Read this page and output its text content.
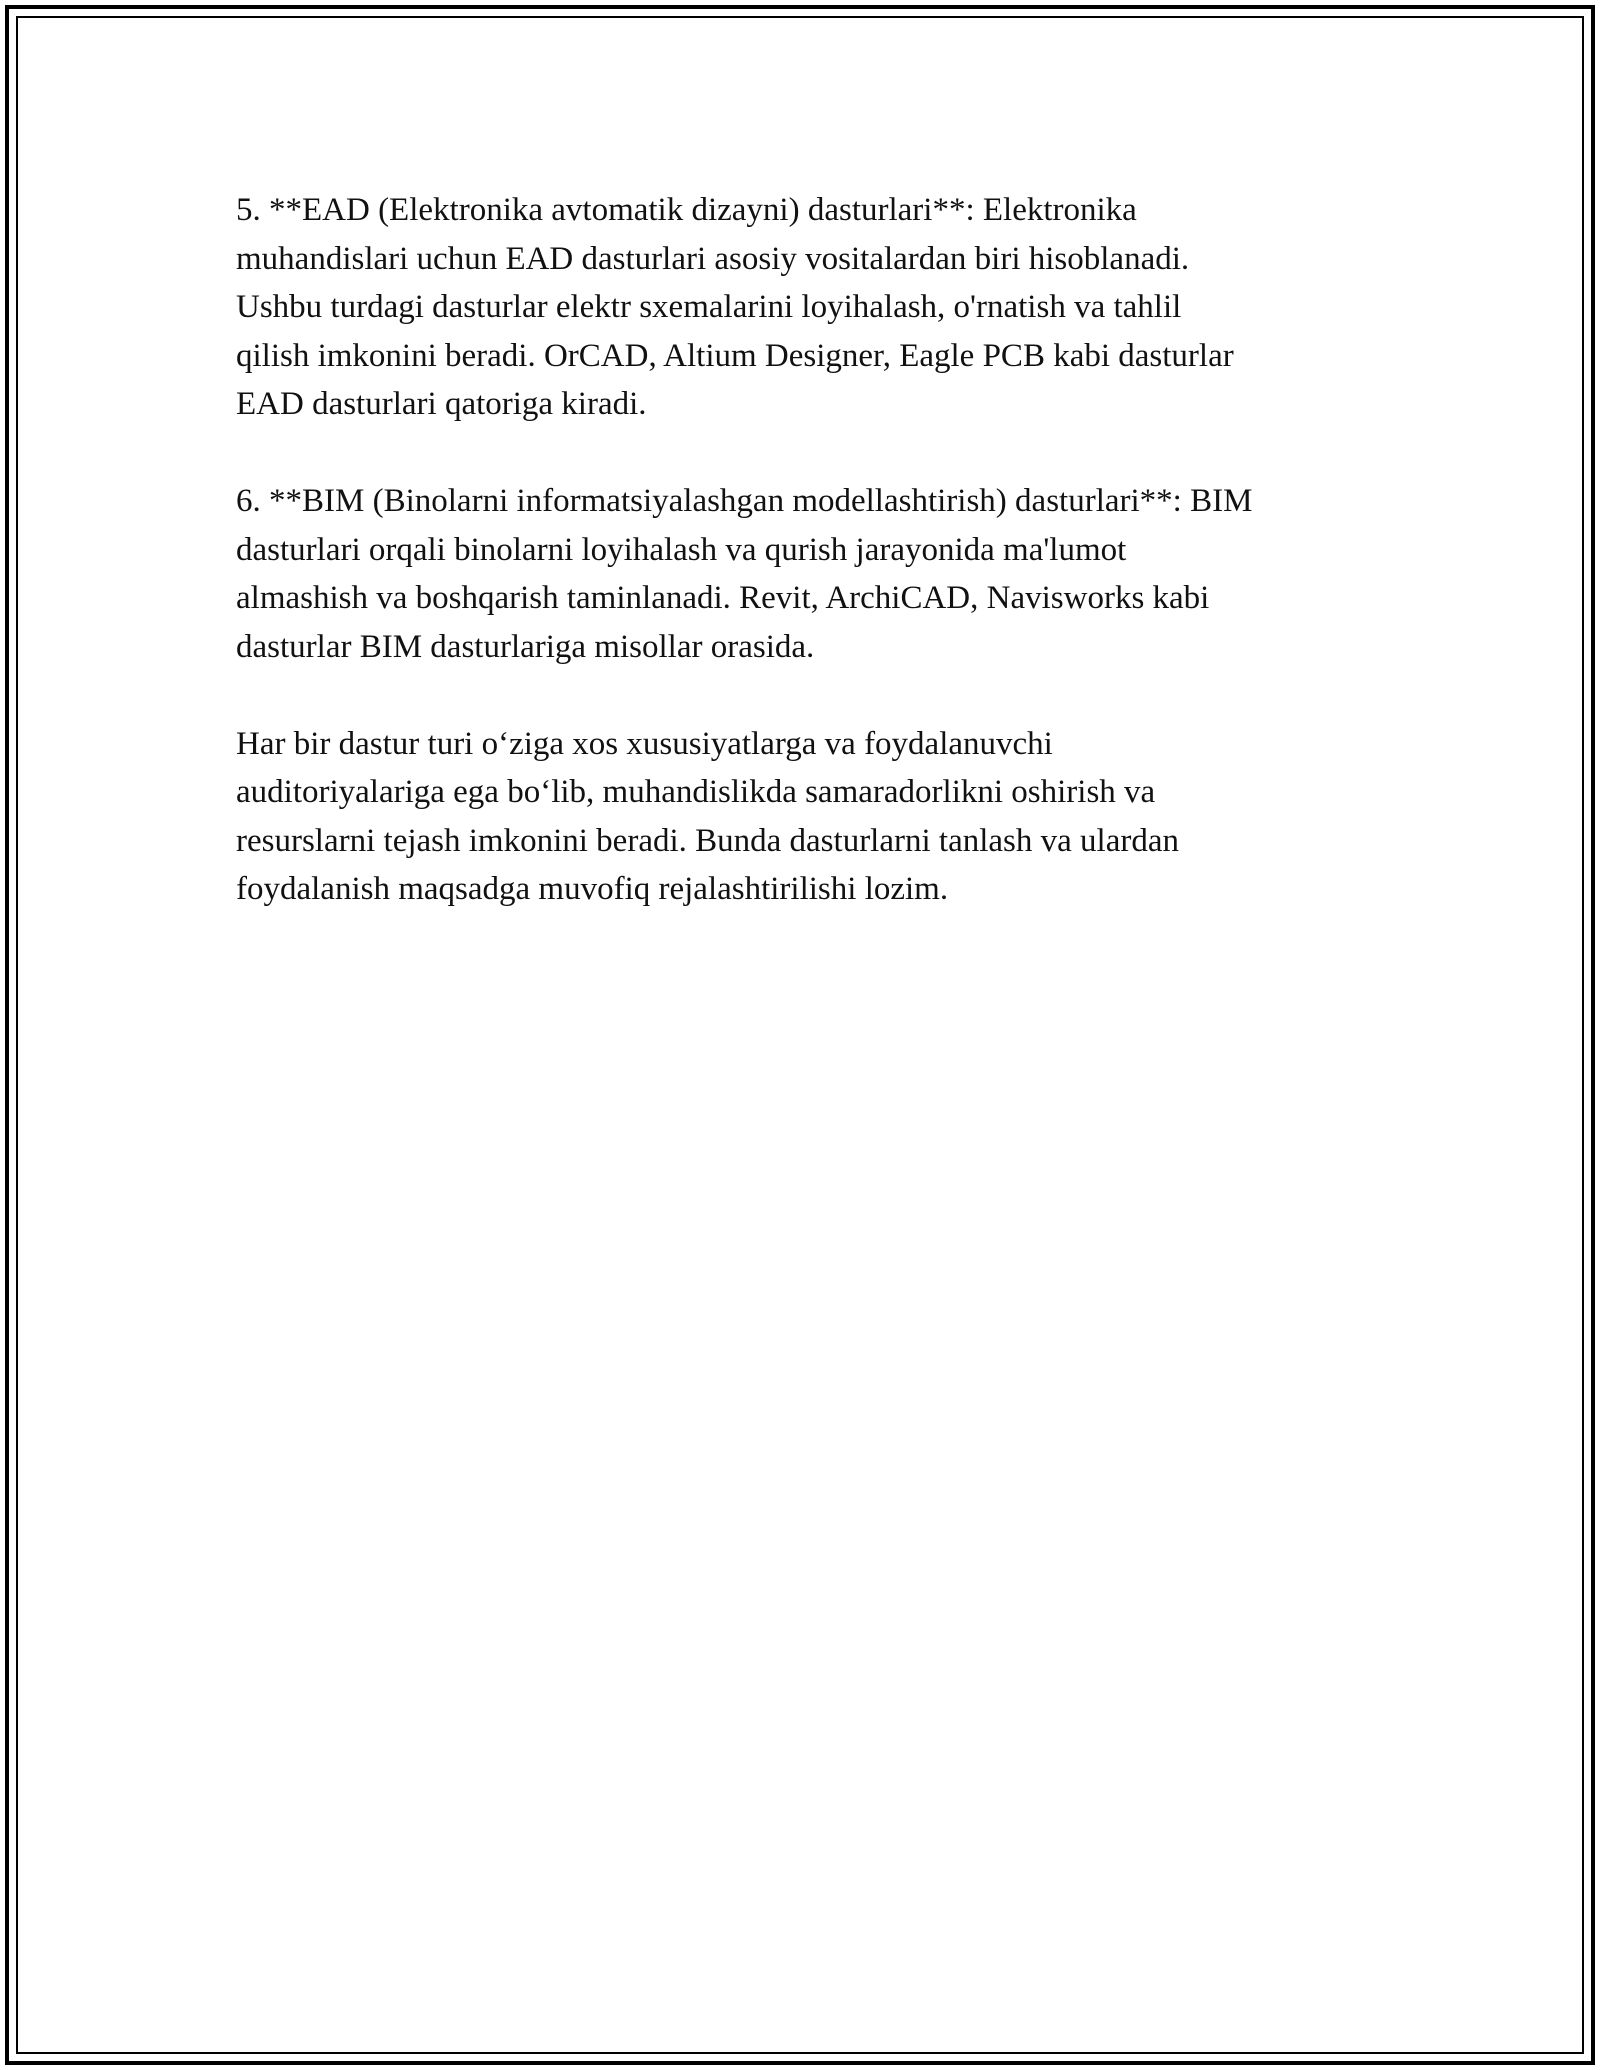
5. **EAD (Elektronika avtomatik dizayni) dasturlari**: Elektronika
muhandislari uchun EAD dasturlari asosiy vositalardan biri hisoblanadi.
Ushbu turdagi dasturlar elektr sxemalarini loyihalash, o'rnatish va tahlil
qilish imkonini beradi. OrCAD, Altium Designer, Eagle PCB kabi dasturlar
EAD dasturlari qatoriga kiradi.

6. **BIM (Binolarni informatsiyalashgan modellashtirish) dasturlari**: BIM
dasturlari orqali binolarni loyihalash va qurish jarayonida ma'lumot
almashish va boshqarish taminlanadi. Revit, ArchiCAD, Navisworks kabi
dasturlar BIM dasturlariga misollar orasida.

Har bir dastur turi o‘ziga xos xususiyatlarga va foydalanuvchi
auditoriyalariga ega bo‘lib, muhandislikda samaradorlikni oshirish va
resurslarni tejash imkonini beradi. Bunda dasturlarni tanlash va ulardan
foydalanish maqsadga muvofiq rejalashtirilishi lozim.
